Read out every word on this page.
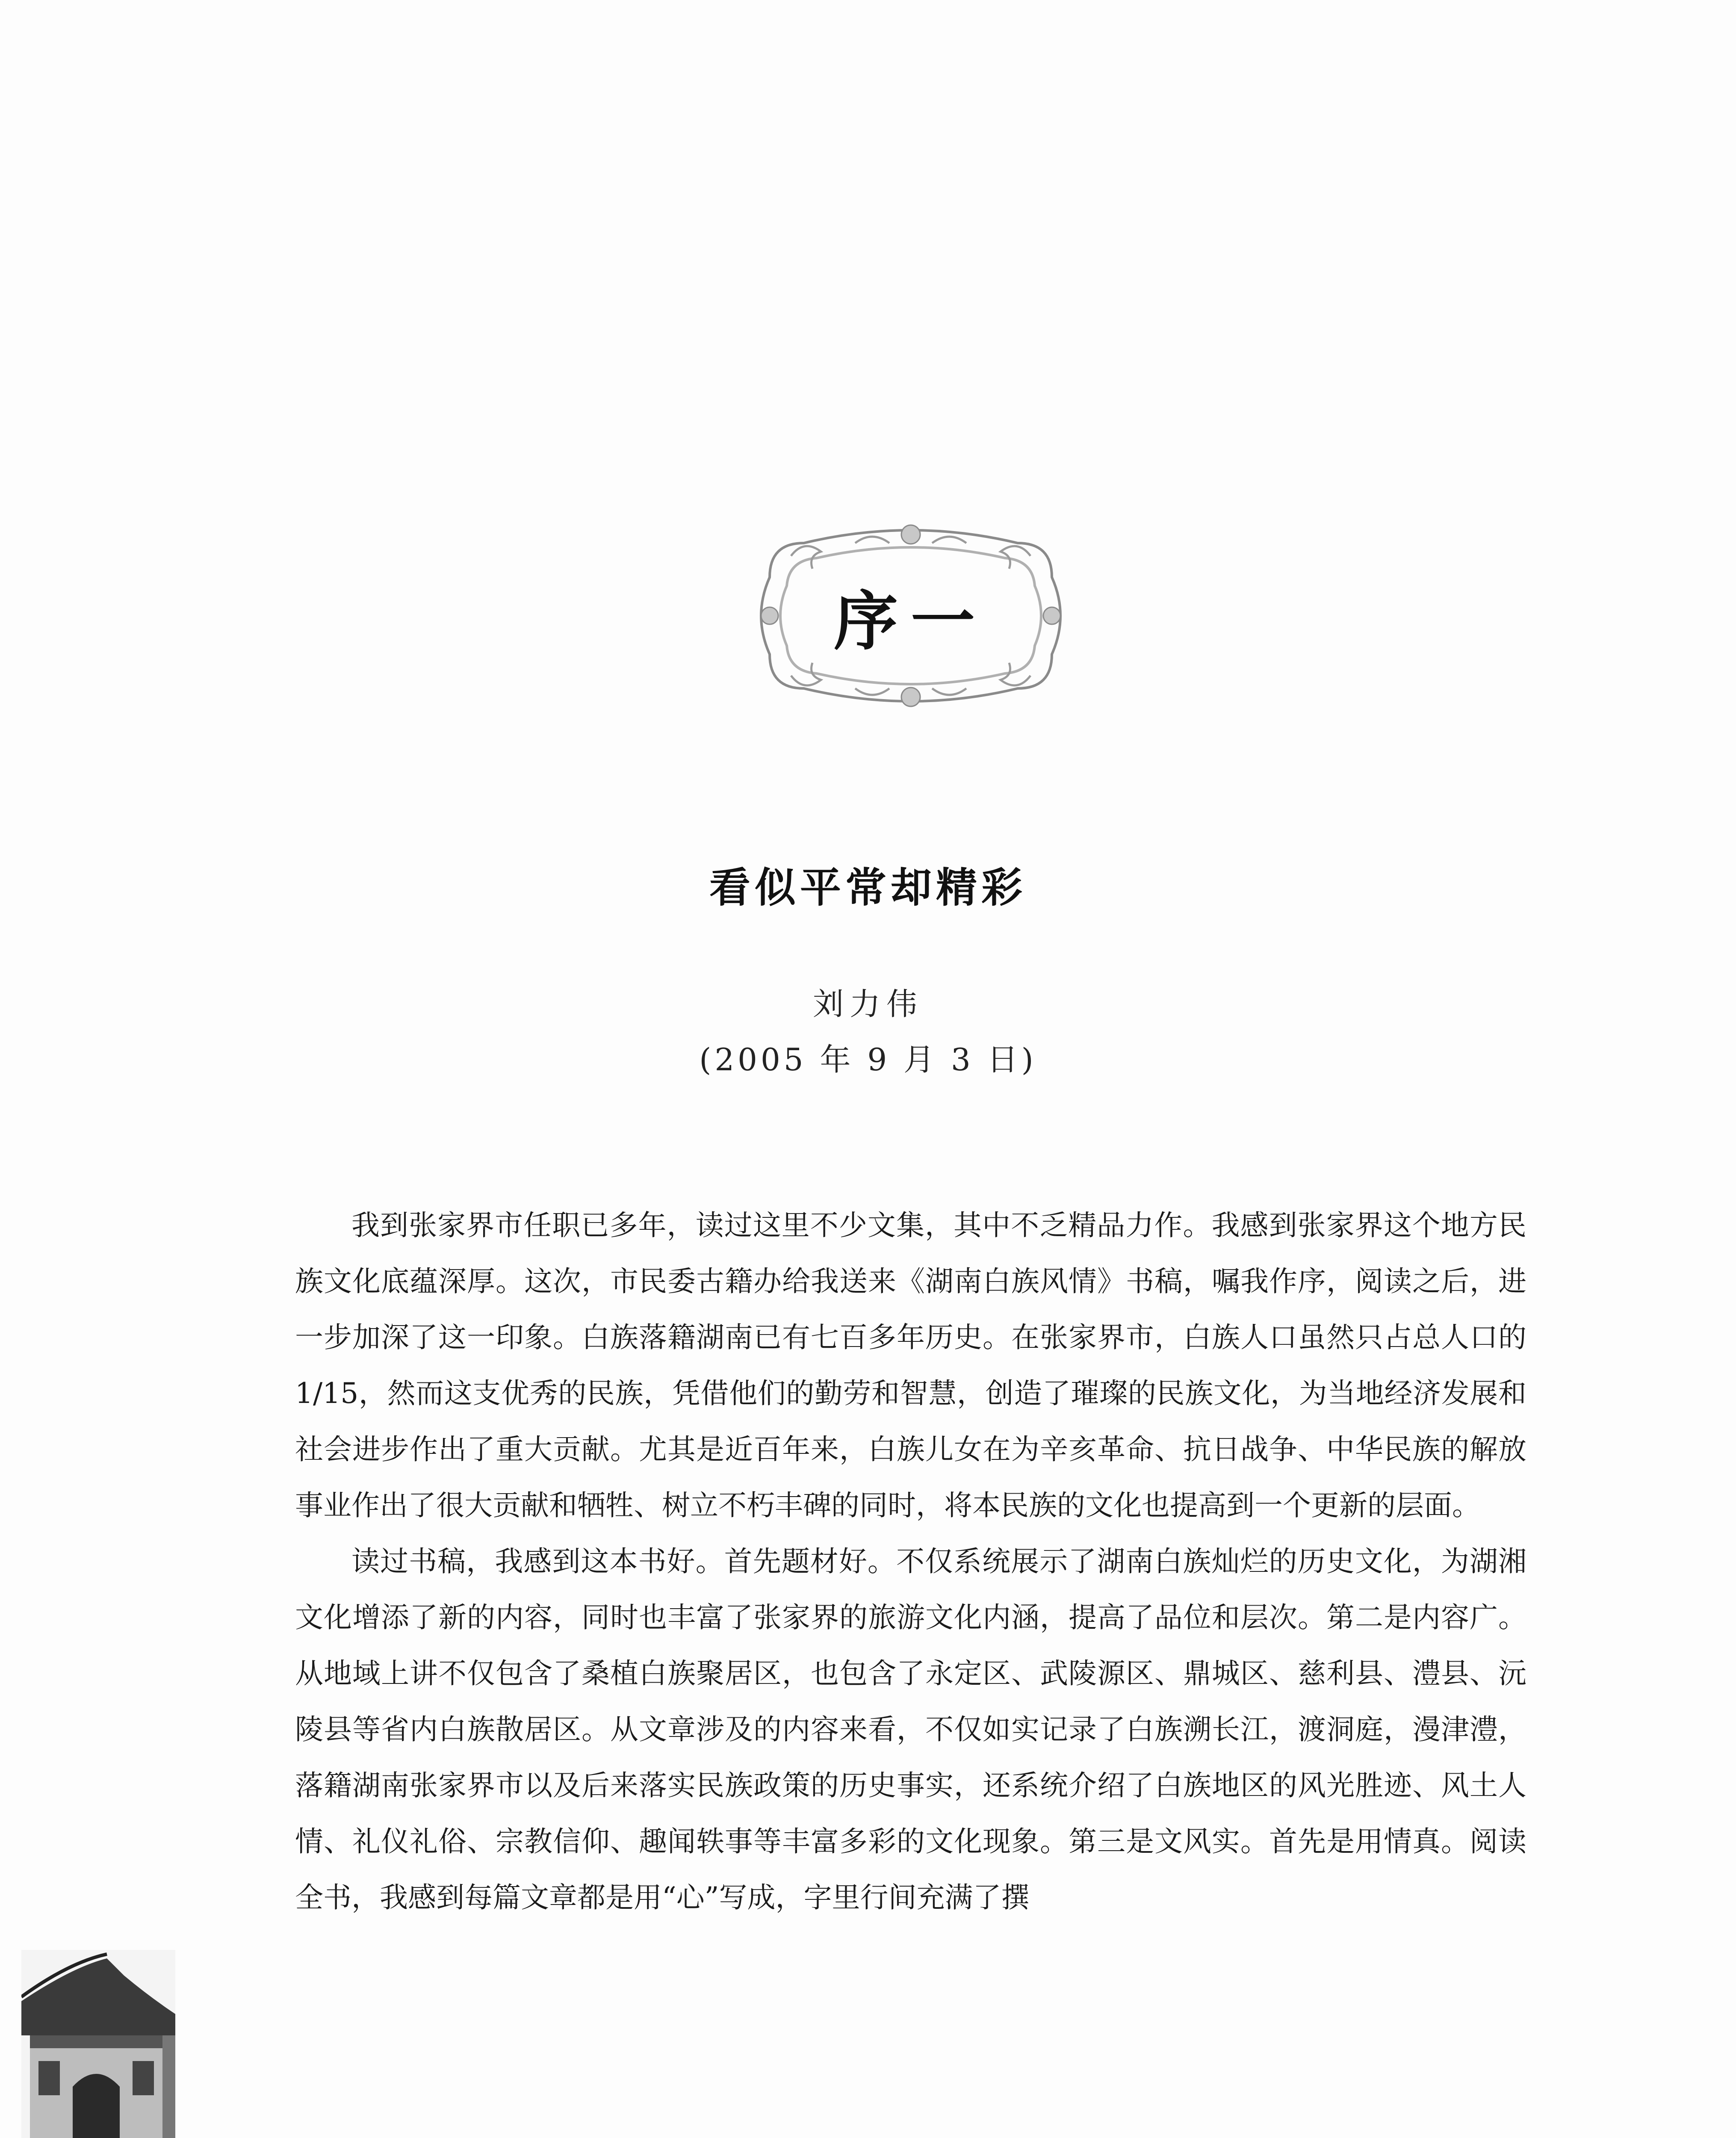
序一
看似平常却精彩
刘力伟
(2005 年 9 月 3 日)

我到张家界市任职已多年，读过这里不少文集，其中不乏精品力作。我感到张家界这个地方民族文化底蕴深厚。这次，市民委古籍办给我送来《湖南白族风情》书稿，嘱我作序，阅读之后，进一步加深了这一印象。白族落籍湖南已有七百多年历史。在张家界市，白族人口虽然只占总人口的 1/15，然而这支优秀的民族，凭借他们的勤劳和智慧，创造了璀璨的民族文化，为当地经济发展和社会进步作出了重大贡献。尤其是近百年来，白族儿女在为辛亥革命、抗日战争、中华民族的解放事业作出了很大贡献和牺牲、树立不朽丰碑的同时，将本民族的文化也提高到一个更新的层面。

读过书稿，我感到这本书好。首先题材好。不仅系统展示了湖南白族灿烂的历史文化，为湖湘文化增添了新的内容，同时也丰富了张家界的旅游文化内涵，提高了品位和层次。第二是内容广。从地域上讲不仅包含了桑植白族聚居区，也包含了永定区、武陵源区、鼎城区、慈利县、澧县、沅陵县等省内白族散居区。从文章涉及的内容来看，不仅如实记录了白族溯长江，渡洞庭，漫津澧，落籍湖南张家界市以及后来落实民族政策的历史事实，还系统介绍了白族地区的风光胜迹、风土人情、礼仪礼俗、宗教信仰、趣闻轶事等丰富多彩的文化现象。第三是文风实。首先是用情真。阅读全书，我感到每篇文章都是用“心”写成，字里行间充满了撰
